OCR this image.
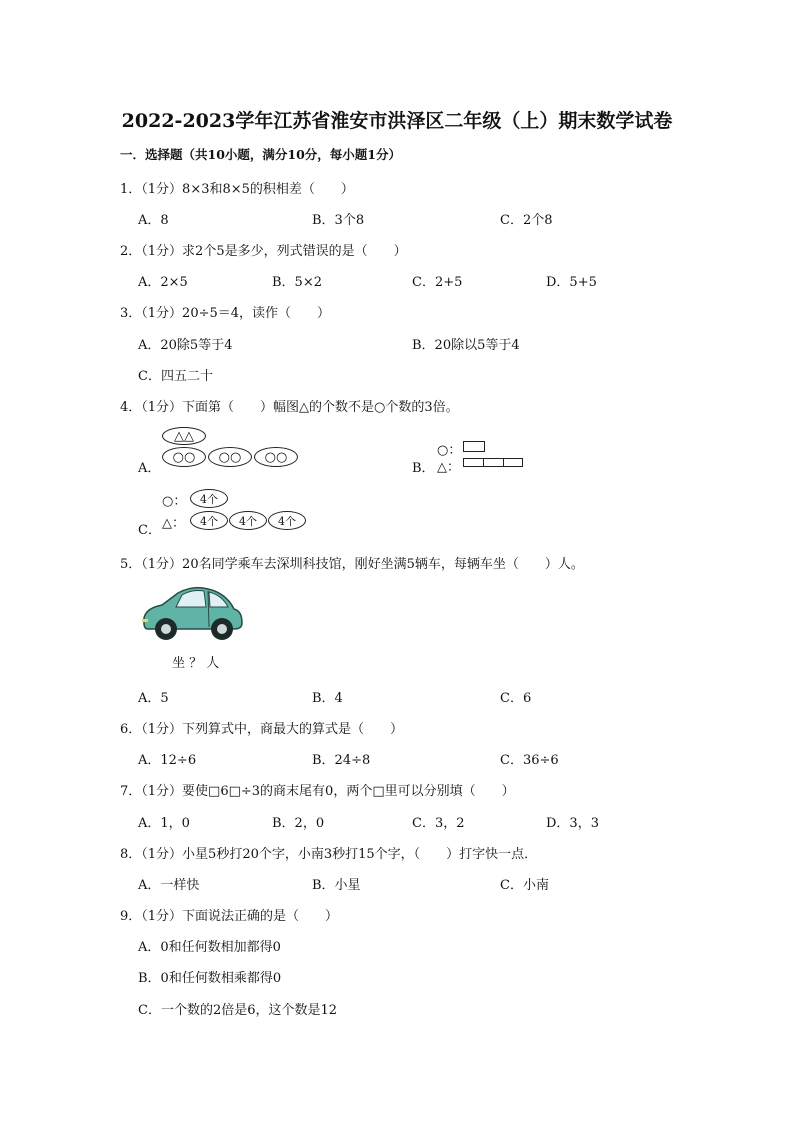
2022-2023学年江苏省淮安市洪泽区二年级（上）期末数学试卷
一．选择题（共10小题，满分10分，每小题1分）
1．（1分）8×3和8×5的积相差（　　）
A．8	B．3个8	C．2个8
2．（1分）求2个5是多少，列式错误的是（　　）
A．2×5	B．5×2	C．2+5	D．5+5
3．（1分）20÷5＝4，读作（　　）
A．20除5等于4	B．20除以5等于4
C．四五二十
4．（1分）下面第（　　）幅图△的个数不是○个数的3倍。
A．
△△
○○ ○○ ○○	○：
B． △：
○： 4个
C． △： 4个 4个 4个
5．（1分）20名同学乘车去深圳科技馆，刚好坐满5辆车，每辆车坐（　　）人。
坐 ？ 人
A．5	B．4	C．6
6．（1分）下列算式中，商最大的算式是（　　）
A．12÷6	B．24÷8	C．36÷6
7．（1分）要使□6□÷3的商末尾有0，两个□里可以分别填（　　）
A．1，0	B．2，0	C．3，2	D．3，3
8．（1分）小星5秒打20个字，小南3秒打15个字，（　　）打字快一点．
A．一样快	B．小星	C．小南
9．（1分）下面说法正确的是（　　）
A．0和任何数相加都得0
B．0和任何数相乘都得0
C．一个数的2倍是6，这个数是12
